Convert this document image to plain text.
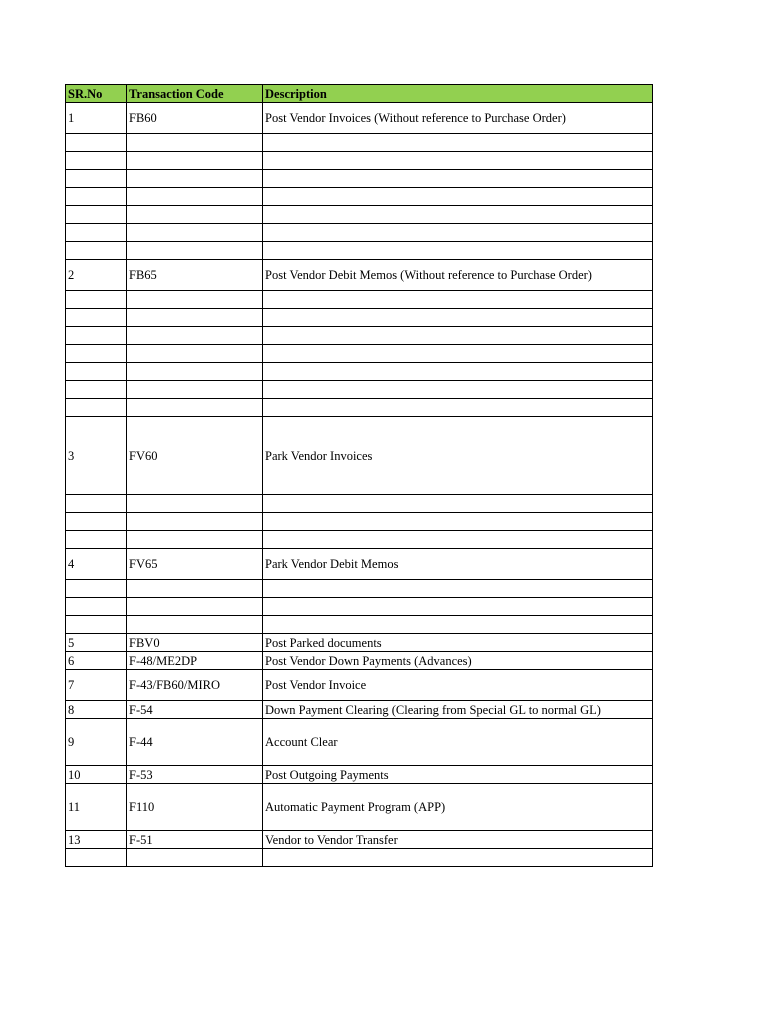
SR.No	Transaction Code	Description
1	FB60	Post Vendor Invoices (Without reference to Purchase Order)

2	FB65	Post Vendor Debit Memos (Without reference to Purchase Order)

3	FV60	Park Vendor Invoices

4	FV65	Park Vendor Debit Memos

5	FBV0	Post Parked documents
6	F-48/ME2DP	Post Vendor Down Payments (Advances)
7	F-43/FB60/MIRO	Post Vendor Invoice
8	F-54	Down Payment Clearing (Clearing from Special GL to normal GL)
9	F-44	Account Clear
10	F-53	Post Outgoing Payments
11	F110	Automatic Payment Program (APP)
13	F-51	Vendor to Vendor Transfer
